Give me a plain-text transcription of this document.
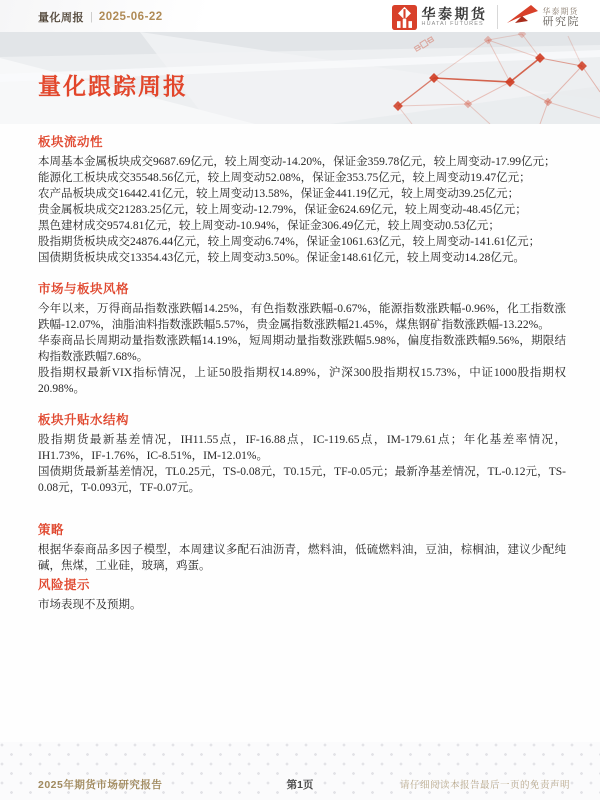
量化周报 | 2025-06-22	华泰期货
HUATAI FUTURES
华泰期货
研究院
量化跟踪周报
板块流动性

本周基本金属板块成交9687.69亿元，较上周变动-14.20%，保证金359.78亿元，较上周变动-17.99亿元；

能源化工板块成交35548.56亿元，较上周变动52.08%，保证金353.75亿元，较上周变动19.47亿元；

农产品板块成交16442.41亿元，较上周变动13.58%，保证金441.19亿元，较上周变动39.25亿元；

贵金属板块成交21283.25亿元，较上周变动-12.79%，保证金624.69亿元，较上周变动-48.45亿元；

黑色建材成交9574.81亿元，较上周变动-10.94%，保证金306.49亿元，较上周变动0.53亿元；

股指期货板块成交24876.44亿元，较上周变动6.74%，保证金1061.63亿元，较上周变动-141.61亿元；

国债期货板块成交13354.43亿元，较上周变动3.50%。保证金148.61亿元，较上周变动14.28亿元。

市场与板块风格

今年以来，万得商品指数涨跌幅14.25%，有色指数涨跌幅-0.67%，能源指数涨跌幅-0.96%，化工指数涨跌幅-12.07%，油脂油料指数涨跌幅5.57%，贵金属指数涨跌幅21.45%，煤焦钢矿指数涨跌幅-13.22%。

华泰商品长周期动量指数涨跌幅14.19%，短周期动量指数涨跌幅5.98%，偏度指数涨跌幅9.56%，期限结构指数涨跌幅7.68%。

股指期权最新VIX指标情况，上证50股指期权14.89%，沪深300股指期权15.73%，中证1000股指期权20.98%。

板块升贴水结构

股指期货最新基差情况，IH11.55点，IF-16.88点，IC-119.65点，IM-179.61点；年化基差率情况，IH1.73%，IF-1.76%，IC-8.51%，IM-12.01%。

国债期货最新基差情况，TL0.25元，TS-0.08元，T0.15元，TF-0.05元；最新净基差情况，TL-0.12元，TS-0.08元，T-0.093元，TF-0.07元。

策略

根据华泰商品多因子模型，本周建议多配石油沥青，燃料油，低硫燃料油，豆油，棕榈油，建议少配纯碱，焦煤，工业硅，玻璃，鸡蛋。

风险提示

市场表现不及预期。

2025年期货市场研究报告	第1页	请仔细阅读本报告最后一页的免责声明
